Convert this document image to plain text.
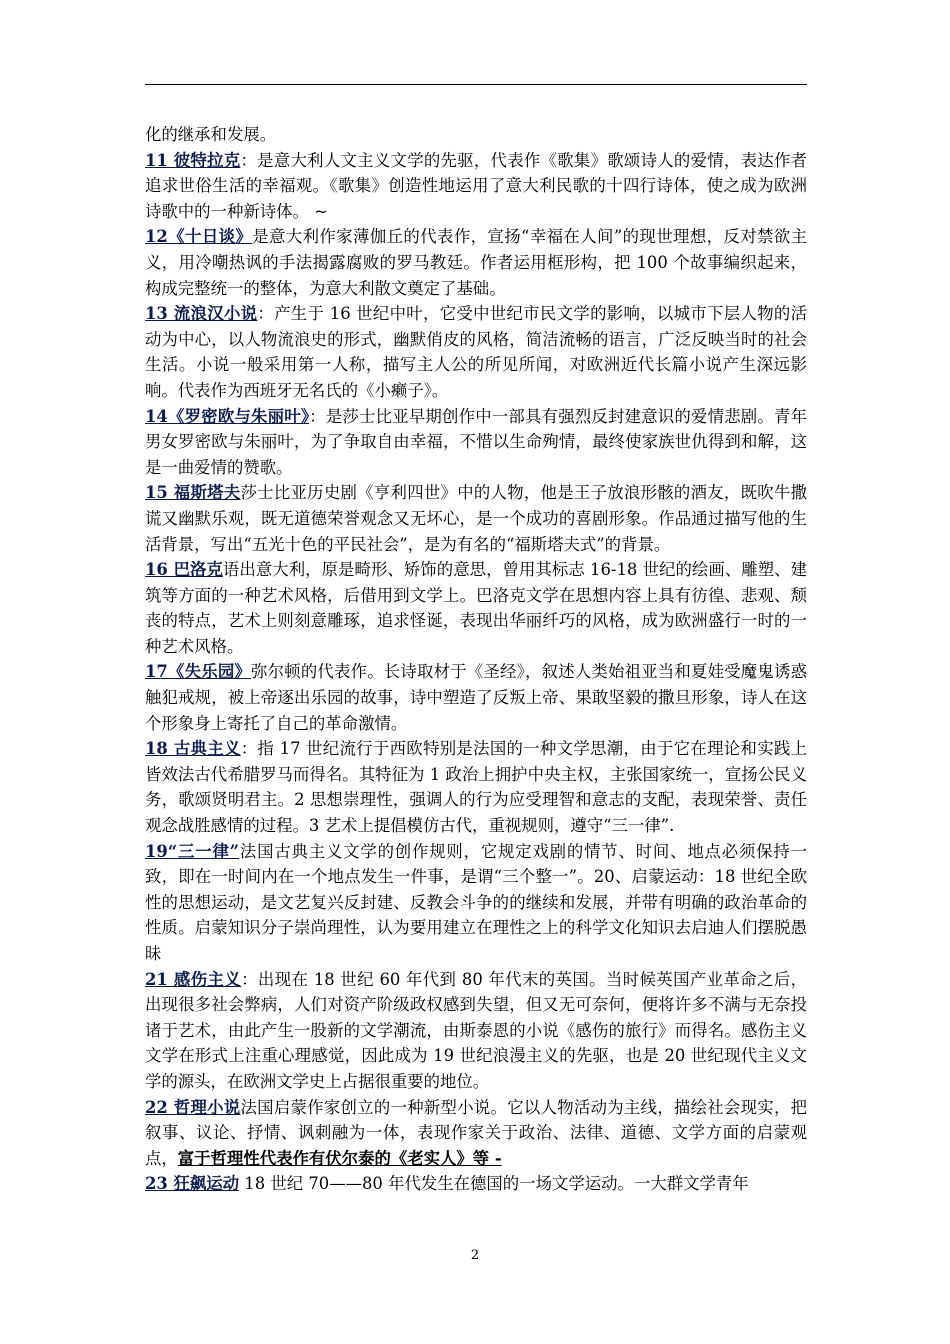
化的继承和发展。

11 彼特拉克：是意大利人文主义文学的先驱，代表作《歌集》歌颂诗人的爱情，表达作者追求世俗生活的幸福观。《歌集》创造性地运用了意大利民歌的十四行诗体，使之成为欧洲诗歌中的一种新诗体。 ~

12《十日谈》是意大利作家薄伽丘的代表作，宣扬“幸福在人间”的现世理想，反对禁欲主义，用冷嘲热讽的手法揭露腐败的罗马教廷。作者运用框形构，把 100 个故事编织起来，构成完整统一的整体，为意大利散文奠定了基础。

13 流浪汉小说：产生于 16 世纪中叶，它受中世纪市民文学的影响，以城市下层人物的活动为中心，以人物流浪史的形式，幽默俏皮的风格，简洁流畅的语言，广泛反映当时的社会生活。小说一般采用第一人称，描写主人公的所见所闻，对欧洲近代长篇小说产生深远影响。代表作为西班牙无名氏的《小癞子》。

14《罗密欧与朱丽叶》：是莎士比亚早期创作中一部具有强烈反封建意识的爱情悲剧。青年男女罗密欧与朱丽叶，为了争取自由幸福，不惜以生命殉情，最终使家族世仇得到和解，这是一曲爱情的赞歌。

15 福斯塔夫莎士比亚历史剧《亨利四世》中的人物，他是王子放浪形骸的酒友，既吹牛撒谎又幽默乐观，既无道德荣誉观念又无坏心，是一个成功的喜剧形象。作品通过描写他的生活背景，写出“五光十色的平民社会”，是为有名的“福斯塔夫式”的背景。

16 巴洛克语出意大利，原是畸形、矫饰的意思，曾用其标志 16-18 世纪的绘画、雕塑、建筑等方面的一种艺术风格，后借用到文学上。巴洛克文学在思想内容上具有彷徨、悲观、颓丧的特点，艺术上则刻意雕琢，追求怪诞，表现出华丽纤巧的风格，成为欧洲盛行一时的一种艺术风格。

17《失乐园》弥尔顿的代表作。长诗取材于《圣经》，叙述人类始祖亚当和夏娃受魔鬼诱惑触犯戒规，被上帝逐出乐园的故事，诗中塑造了反叛上帝、果敢坚毅的撒旦形象，诗人在这个形象身上寄托了自己的革命激情。

18 古典主义：指 17 世纪流行于西欧特别是法国的一种文学思潮，由于它在理论和实践上皆效法古代希腊罗马而得名。其特征为 1 政治上拥护中央主权，主张国家统一，宣扬公民义务，歌颂贤明君主。2 思想崇理性，强调人的行为应受理智和意志的支配，表现荣誉、责任观念战胜感情的过程。3 艺术上提倡模仿古代，重视规则，遵守“三一律”.

19“三一律”法国古典主义文学的创作规则，它规定戏剧的情节、时间、地点必须保持一致，即在一时间内在一个地点发生一件事，是谓“三个整一”。20、启蒙运动：18 世纪全欧性的思想运动，是文艺复兴反封建、反教会斗争的的继续和发展，并带有明确的政治革命的性质。启蒙知识分子崇尚理性，认为要用建立在理性之上的科学文化知识去启迪人们摆脱愚昧

21 感伤主义：出现在 18 世纪 60 年代到 80 年代末的英国。当时候英国产业革命之后，出现很多社会弊病，人们对资产阶级政权感到失望，但又无可奈何，便将许多不满与无奈投诸于艺术，由此产生一股新的文学潮流，由斯泰恩的小说《感伤的旅行》而得名。感伤主义文学在形式上注重心理感觉，因此成为 19 世纪浪漫主义的先驱，也是 20 世纪现代主义文学的源头，在欧洲文学史上占据很重要的地位。

22 哲理小说法国启蒙作家创立的一种新型小说。它以人物活动为主线，描绘社会现实，把叙事、议论、抒情、讽刺融为一体，表现作家关于政治、法律、道德、文学方面的启蒙观点，富于哲理性代表作有伏尔泰的《老实人》等 -

23 狂飙运动 18 世纪 70——80 年代发生在德国的一场文学运动。一大群文学青年

2
